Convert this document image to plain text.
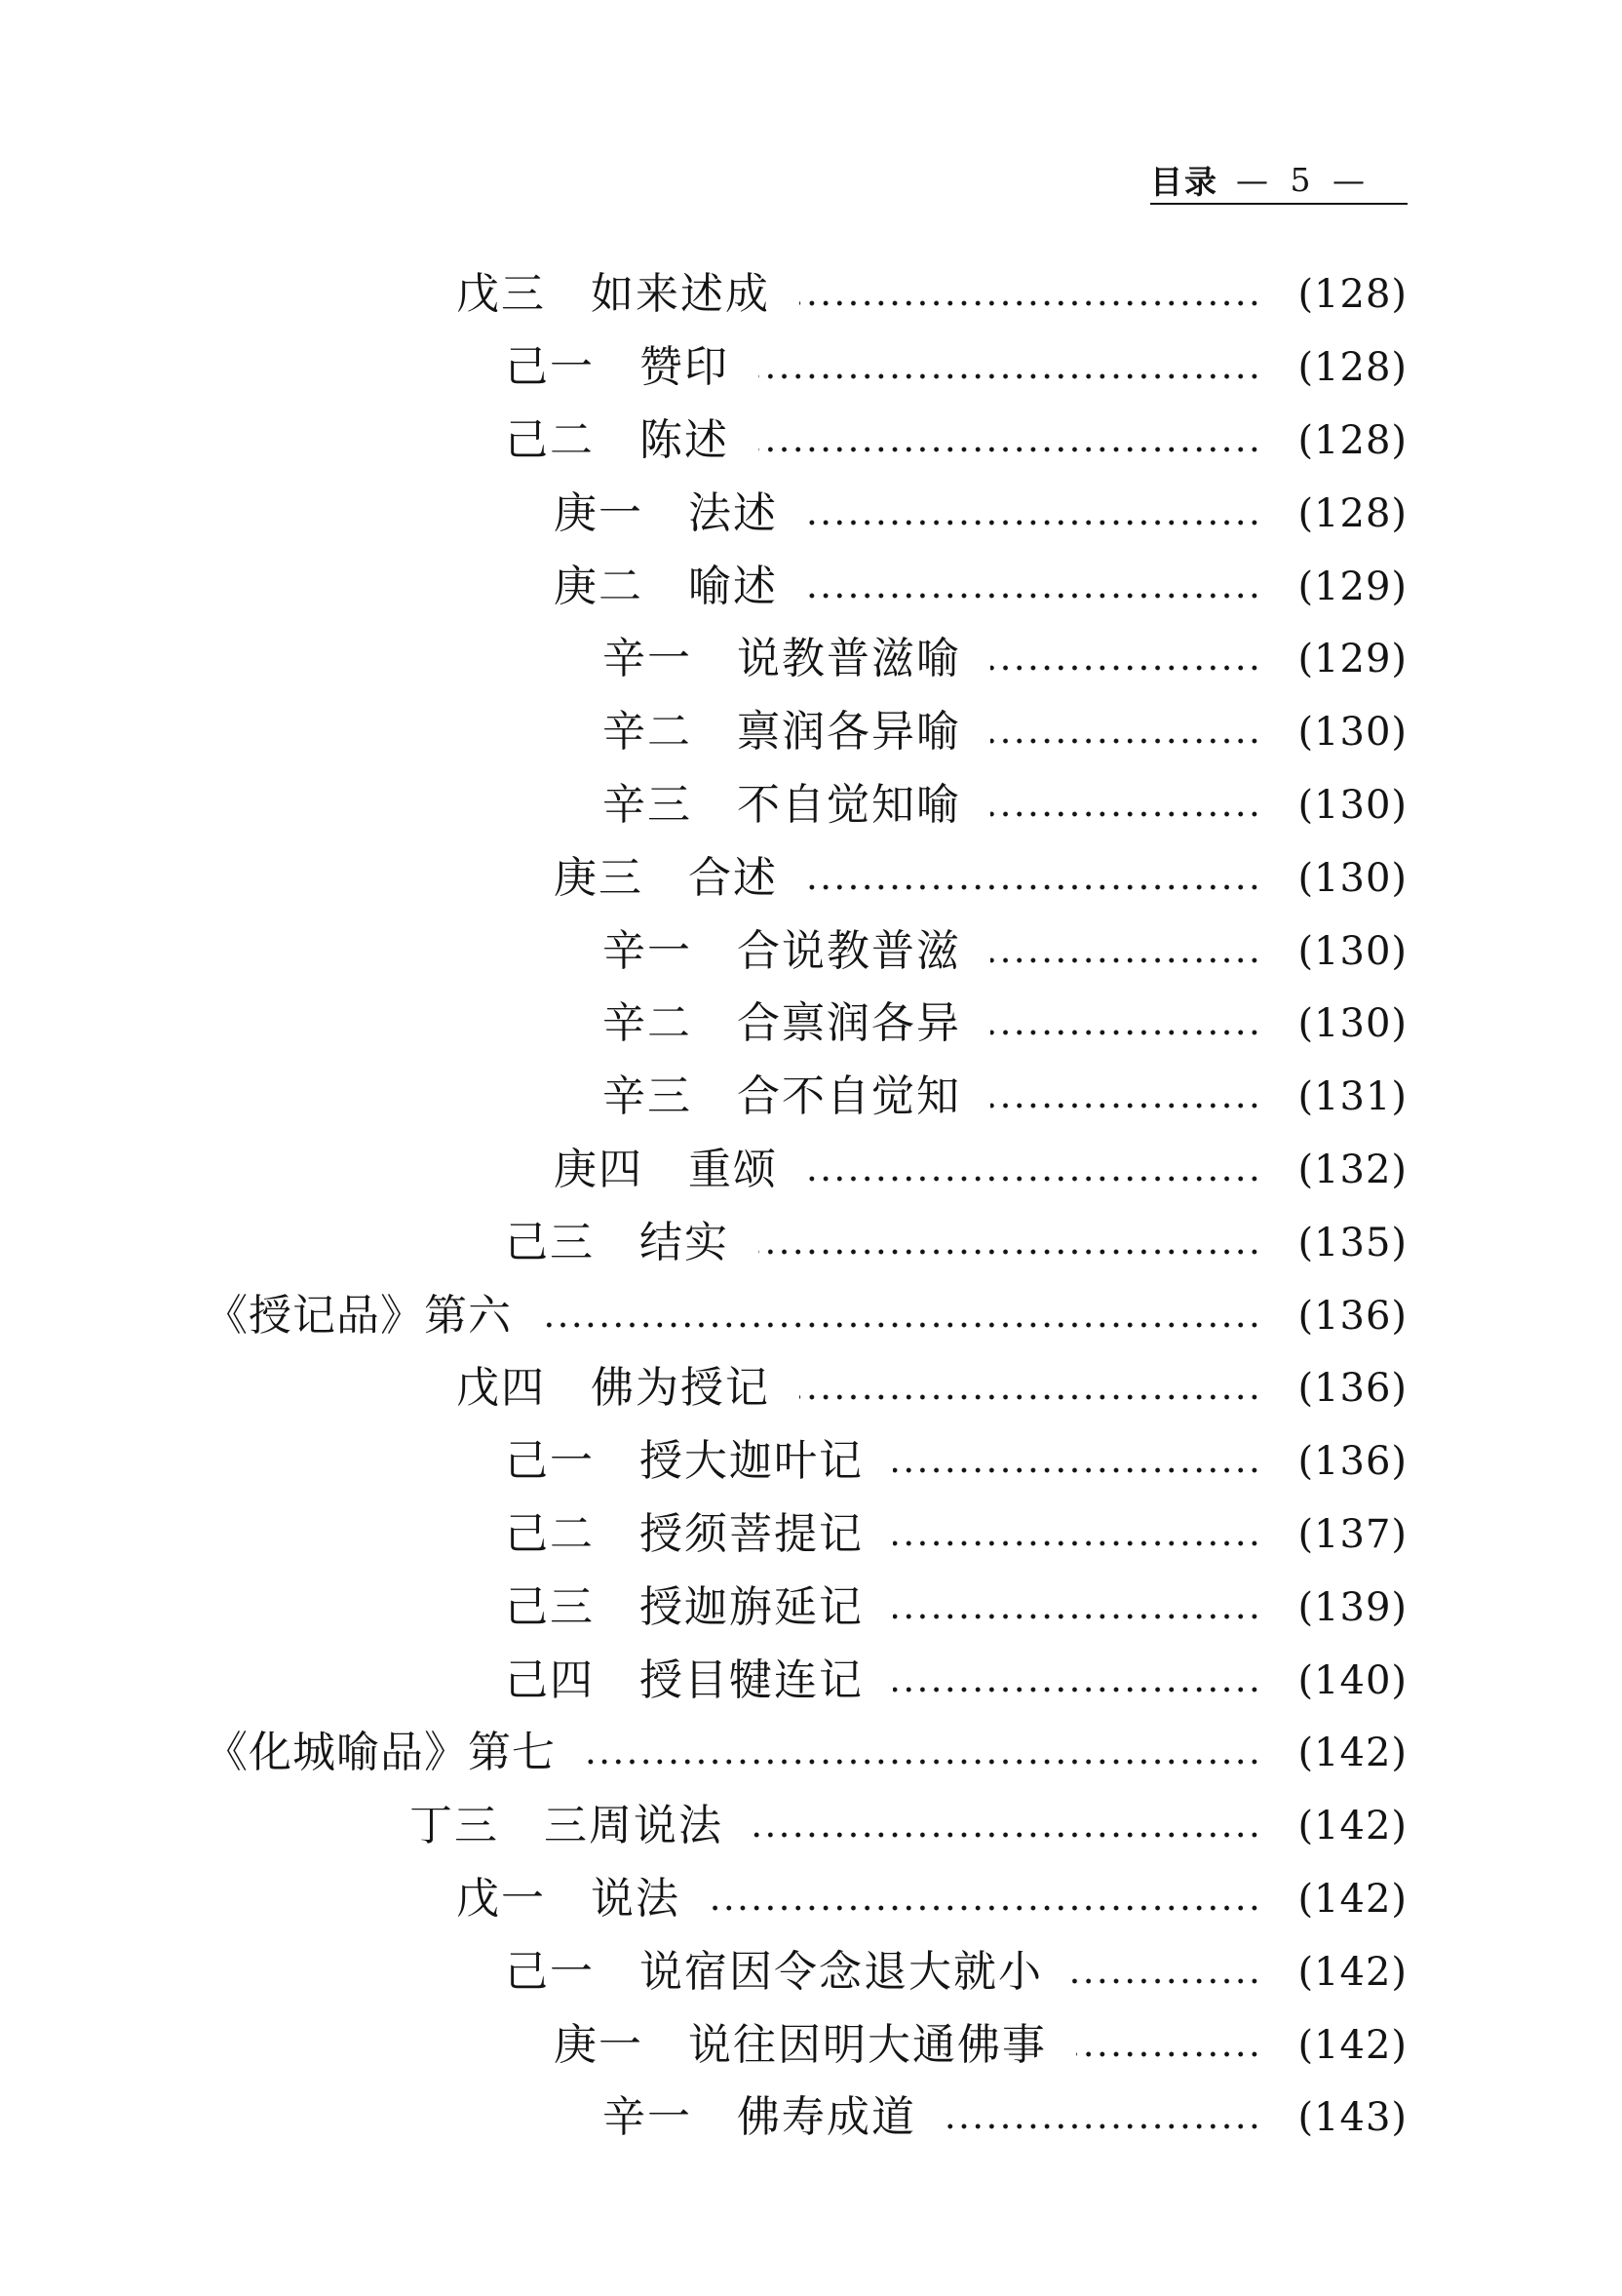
目录 — 5 —
戊三　如来述成	(128)
己一　赞印	(128)
己二　陈述	(128)
庚一　法述	(128)
庚二　喻述	(129)
辛一　说教普滋喻	(129)
辛二　禀润各异喻	(130)
辛三　不自觉知喻	(130)
庚三　合述	(130)
辛一　合说教普滋	(130)
辛二　合禀润各异	(130)
辛三　合不自觉知	(131)
庚四　重颂	(132)
己三　结实	(135)
《授记品》第六	(136)
戊四　佛为授记	(136)
己一　授大迦叶记	(136)
己二　授须菩提记	(137)
己三　授迦旃延记	(139)
己四　授目犍连记	(140)
《化城喻品》第七	(142)
丁三　三周说法	(142)
戊一　说法	(142)
己一　说宿因令念退大就小	(142)
庚一　说往因明大通佛事	(142)
辛一　佛寿成道	(143)
